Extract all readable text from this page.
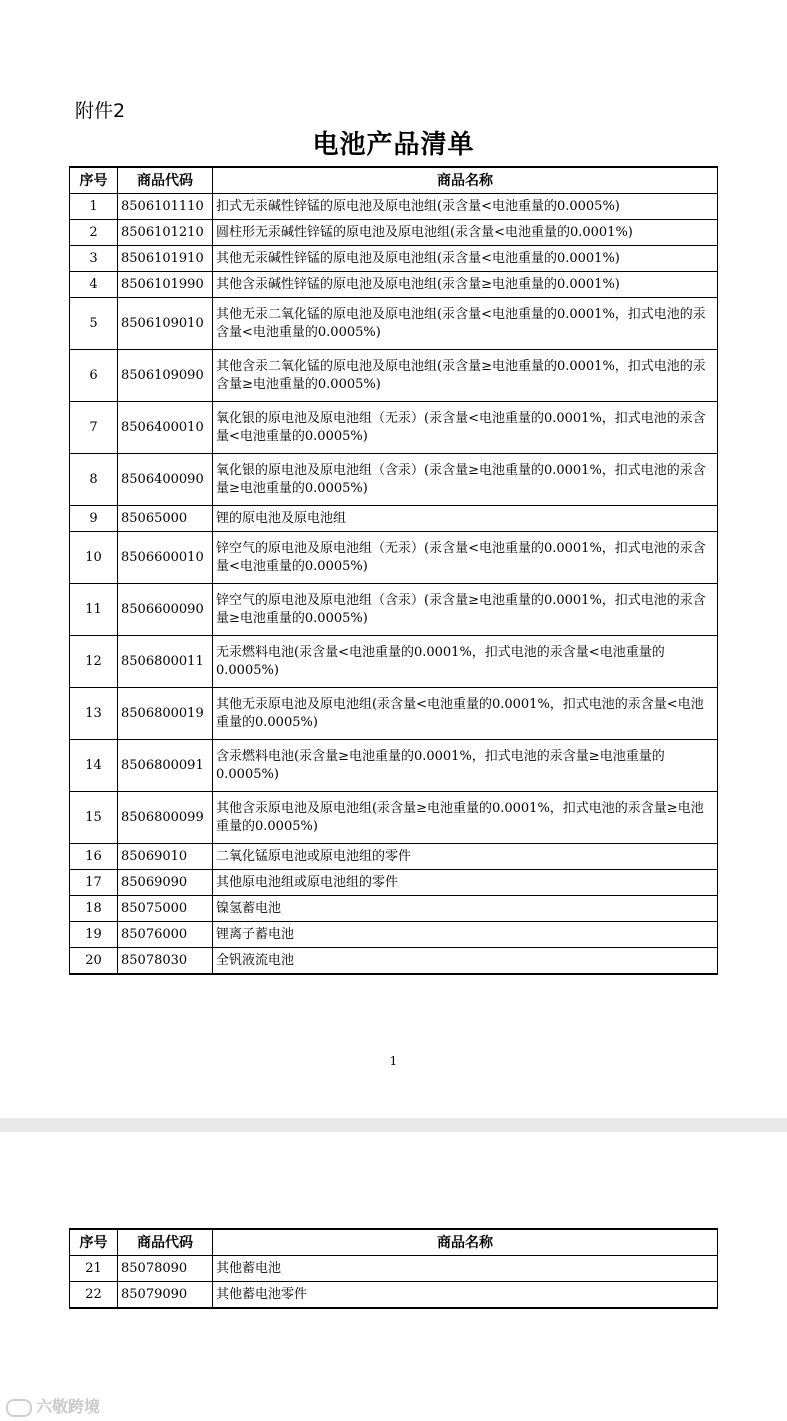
附件2
电池产品清单
序号	商品代码	商品名称
1	8506101110	扣式无汞碱性锌锰的原电池及原电池组(汞含量<电池重量的0.0005%)
2	8506101210	圆柱形无汞碱性锌锰的原电池及原电池组(汞含量<电池重量的0.0001%)
3	8506101910	其他无汞碱性锌锰的原电池及原电池组(汞含量<电池重量的0.0001%)
4	8506101990	其他含汞碱性锌锰的原电池及原电池组(汞含量≥电池重量的0.0001%)
5	8506109010	其他无汞二氧化锰的原电池及原电池组(汞含量<电池重量的0.0001%，扣式电池的汞含量<电池重量的0.0005%)
6	8506109090	其他含汞二氧化锰的原电池及原电池组(汞含量≥电池重量的0.0001%，扣式电池的汞含量≥电池重量的0.0005%)
7	8506400010	氧化银的原电池及原电池组（无汞）(汞含量<电池重量的0.0001%，扣式电池的汞含量<电池重量的0.0005%)
8	8506400090	氧化银的原电池及原电池组（含汞）(汞含量≥电池重量的0.0001%，扣式电池的汞含量≥电池重量的0.0005%)
9	85065000	锂的原电池及原电池组
10	8506600010	锌空气的原电池及原电池组（无汞）(汞含量<电池重量的0.0001%，扣式电池的汞含量<电池重量的0.0005%)
11	8506600090	锌空气的原电池及原电池组（含汞）(汞含量≥电池重量的0.0001%，扣式电池的汞含量≥电池重量的0.0005%)
12	8506800011	无汞燃料电池(汞含量<电池重量的0.0001%，扣式电池的汞含量<电池重量的0.0005%)
13	8506800019	其他无汞原电池及原电池组(汞含量<电池重量的0.0001%，扣式电池的汞含量<电池重量的0.0005%)
14	8506800091	含汞燃料电池(汞含量≥电池重量的0.0001%，扣式电池的汞含量≥电池重量的0.0005%)
15	8506800099	其他含汞原电池及原电池组(汞含量≥电池重量的0.0001%，扣式电池的汞含量≥电池重量的0.0005%)
16	85069010	二氧化锰原电池或原电池组的零件
17	85069090	其他原电池组或原电池组的零件
18	85075000	镍氢蓄电池
19	85076000	锂离子蓄电池
20	85078030	全钒液流电池
1
序号	商品代码	商品名称
21	85078090	其他蓄电池
22	85079090	其他蓄电池零件
六敬跨境
